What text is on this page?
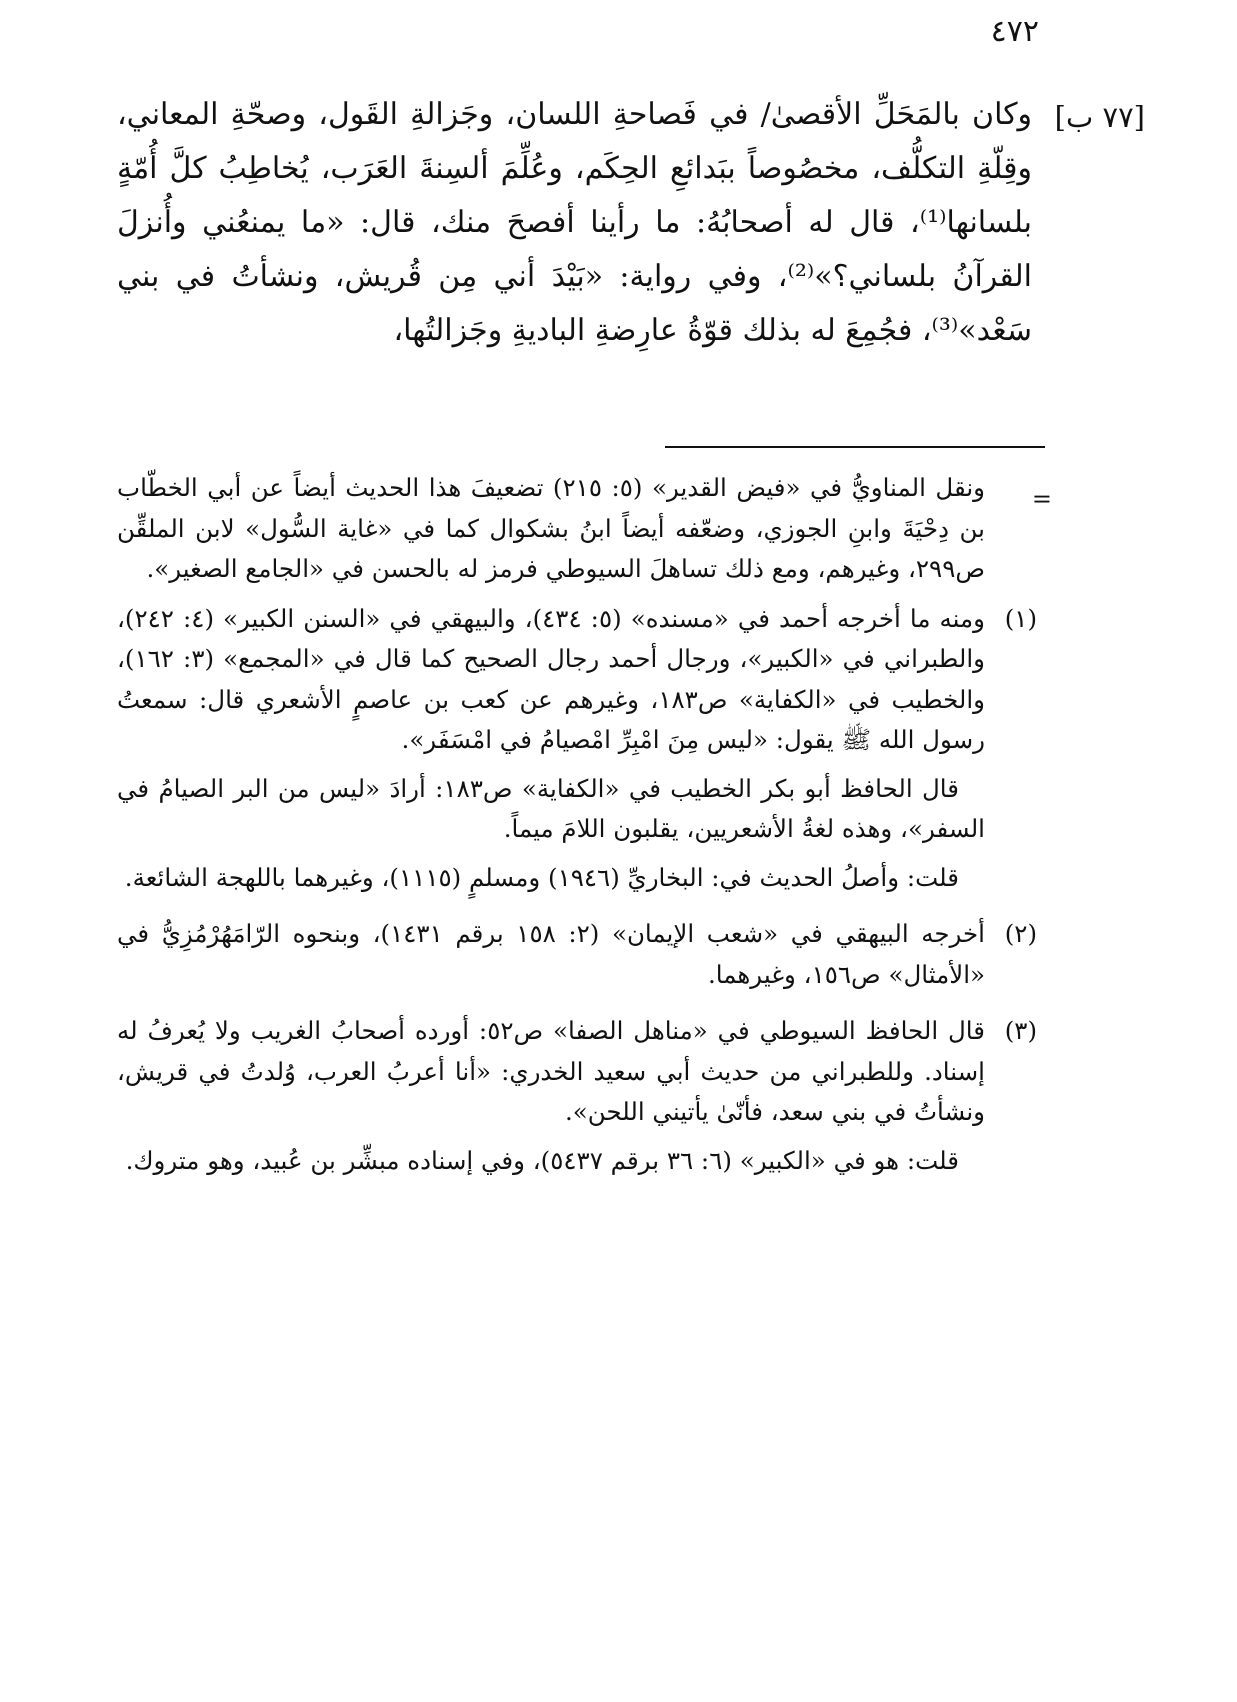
٤٧٢
[٧٧ ب]

وكان بالمَحَلِّ الأقصىٰ/ في فَصاحةِ اللسان، وجَزالةِ القَول، وصحّةِ المعاني، وقِلّةِ التكلُّف، مخصُوصاً ببَدائعِ الحِكَم، وعُلِّمَ ألسِنةَ العَرَب، يُخاطِبُ كلَّ أُمّةٍ بلسانها⁽¹⁾، قال له أصحابُهُ: ما رأينا أفصحَ منك، قال: «ما يمنعُني وأُنزلَ القرآنُ بلساني؟»⁽²⁾، وفي رواية: «بَيْدَ أني مِن قُريش، ونشأتُ في بني سَعْد»⁽³⁾، فجُمِعَ له بذلك قوّةُ عارِضةِ الباديةِ وجَزالتُها،

=

ونقل المناويُّ في «فيض القدير» (٥: ٢١٥) تضعيفَ هذا الحديث أيضاً عن أبي الخطّاب بن دِحْيَةَ وابنِ الجوزي، وضعّفه أيضاً ابنُ بشكوال كما في «غاية السُّول» لابن الملقِّن ص٢٩٩، وغيرهم، ومع ذلك تساهلَ السيوطي فرمز له بالحسن في «الجامع الصغير».

(١)

ومنه ما أخرجه أحمد في «مسنده» (٥: ٤٣٤)، والبيهقي في «السنن الكبير» (٤: ٢٤٢)، والطبراني في «الكبير»، ورجال أحمد رجال الصحيح كما قال في «المجمع» (٣: ١٦٢)، والخطيب في «الكفاية» ص١٨٣، وغيرهم عن كعب بن عاصمٍ الأشعري قال: سمعتُ رسول الله ﷺ يقول: «ليس مِنَ امْبِرِّ امْصيامُ في امْسَفَر».

قال الحافظ أبو بكر الخطيب في «الكفاية» ص١٨٣: أرادَ «ليس من البر الصيامُ في السفر»، وهذه لغةُ الأشعريين، يقلبون اللامَ ميماً.

قلت: وأصلُ الحديث في: البخاريِّ (١٩٤٦) ومسلمٍ (١١١٥)، وغيرهما باللهجة الشائعة.

(٢)

أخرجه البيهقي في «شعب الإيمان» (٢: ١٥٨ برقم ١٤٣١)، وبنحوه الرّامَهُرْمُزِيُّ في «الأمثال» ص١٥٦، وغيرهما.

(٣)

قال الحافظ السيوطي في «مناهل الصفا» ص٥٢: أورده أصحابُ الغريب ولا يُعرفُ له إسناد. وللطبراني من حديث أبي سعيد الخدري: «أنا أعربُ العرب، وُلدتُ في قريش، ونشأتُ في بني سعد، فأنّىٰ يأتيني اللحن».

قلت: هو في «الكبير» (٦: ٣٦ برقم ٥٤٣٧)، وفي إسناده مبشِّر بن عُبيد، وهو متروك.
